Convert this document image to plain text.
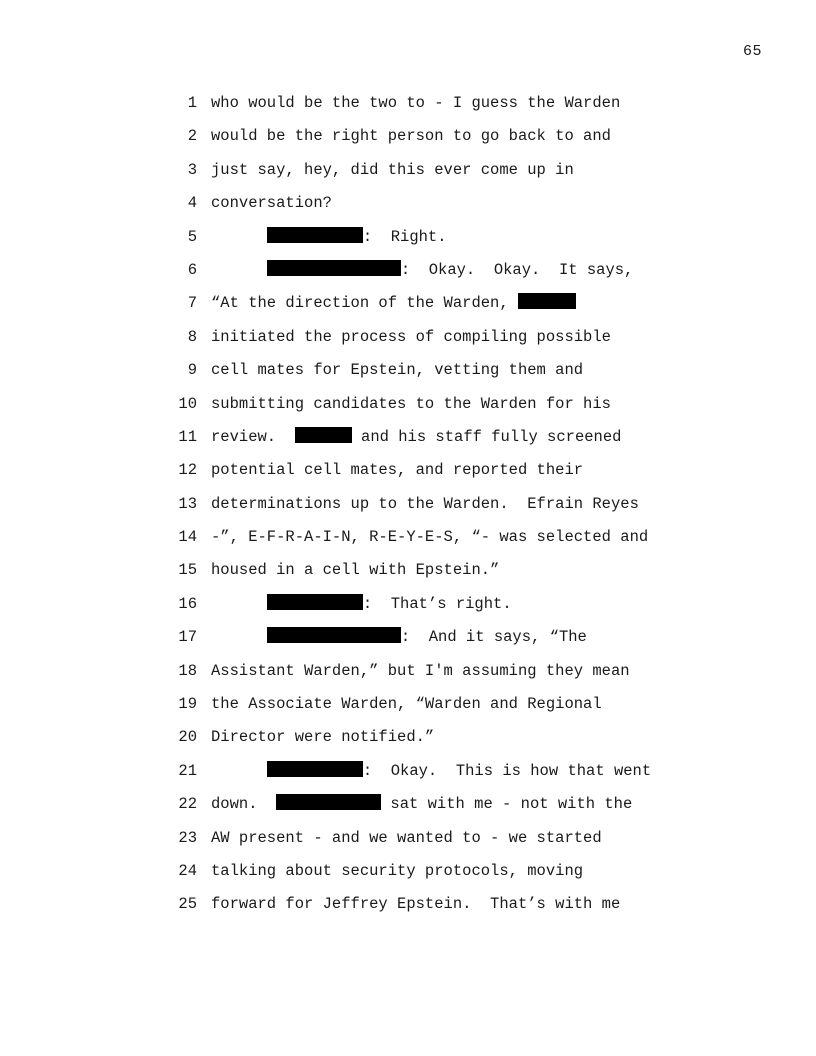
65
1 who would be the two to - I guess the Warden
2 would be the right person to go back to and
3 just say, hey, did this ever come up in
4 conversation?
5	:  Right.
6	:  Okay.  Okay.  It says,
7 “At the direction of the Warden,
8 initiated the process of compiling possible
9 cell mates for Epstein, vetting them and
10 submitting candidates to the Warden for his
11 review.	and his staff fully screened
12 potential cell mates, and reported their
13 determinations up to the Warden.  Efrain Reyes
14 -”, E-F-R-A-I-N, R-E-Y-E-S, “- was selected and
15 housed in a cell with Epstein.”
16	:  That’s right.
17	:  And it says, “The
18 Assistant Warden,” but I'm assuming they mean
19 the Associate Warden, “Warden and Regional
20 Director were notified.”
21	:  Okay.  This is how that went
22 down.	sat with me - not with the
23 AW present - and we wanted to - we started
24 talking about security protocols, moving
25 forward for Jeffrey Epstein.  That’s with me
